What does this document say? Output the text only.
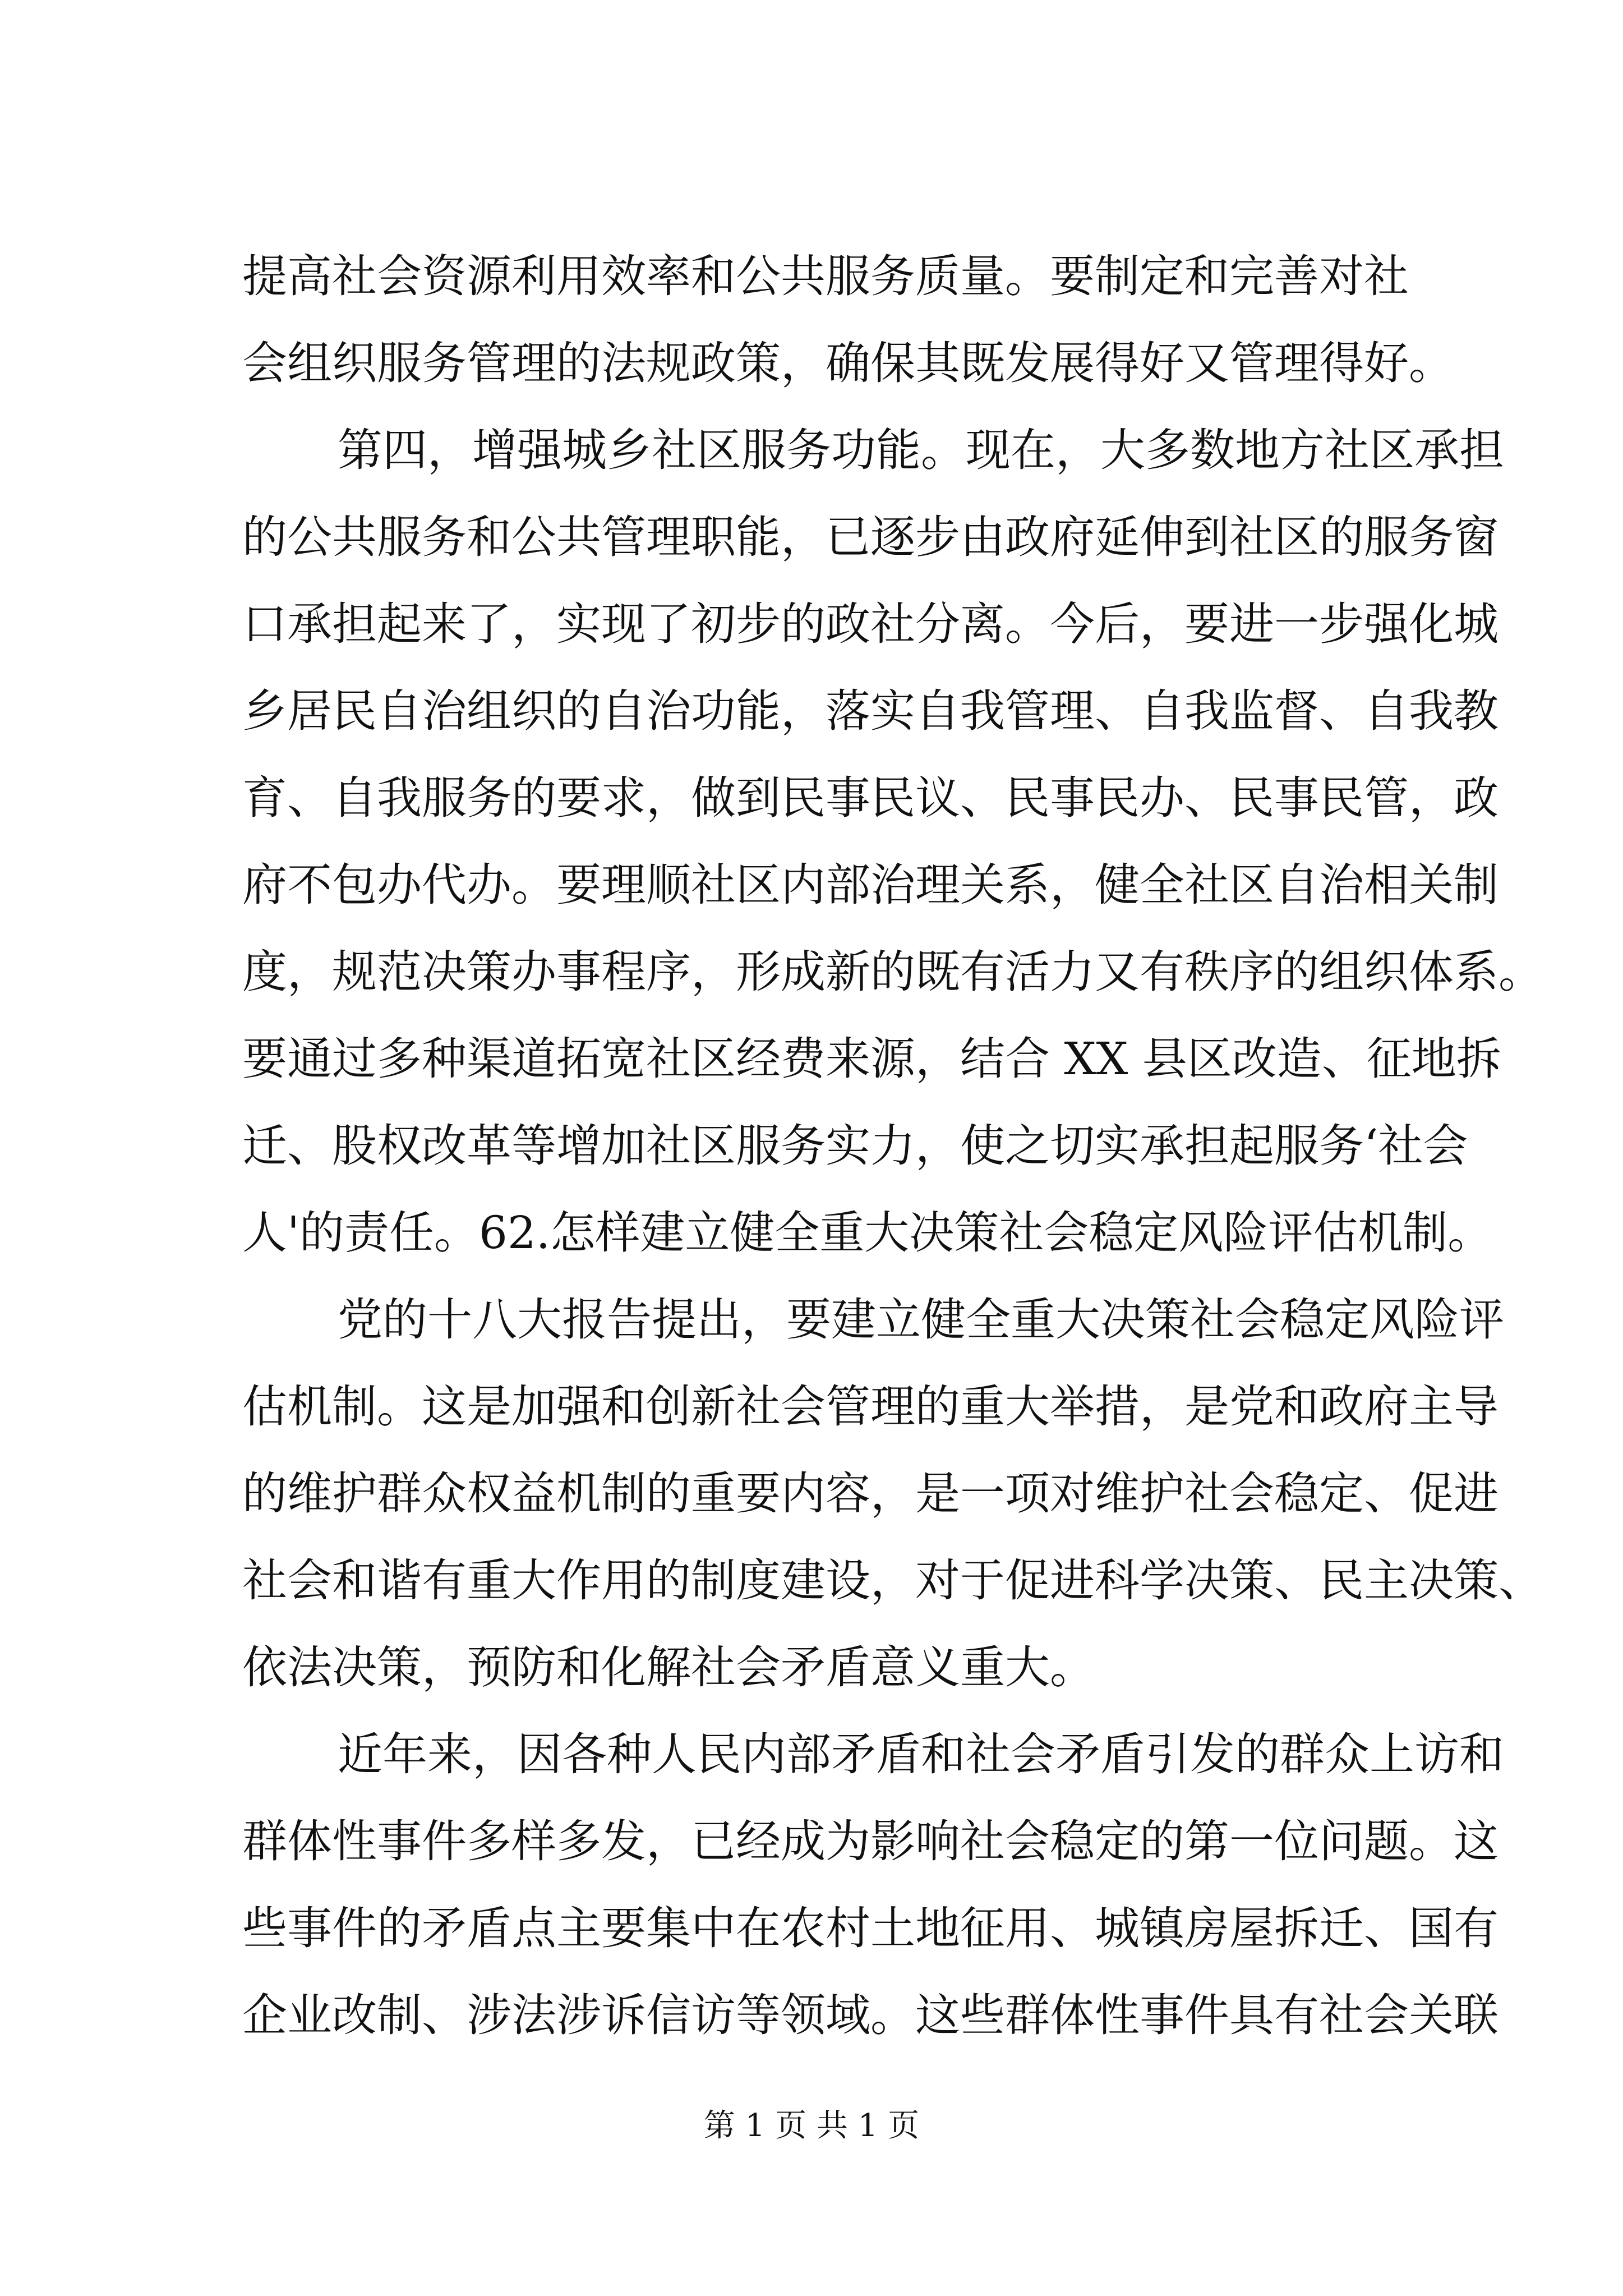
提高社会资源利用效率和公共服务质量。要制定和完善对社
会组织服务管理的法规政策，确保其既发展得好又管理得好。
第四，增强城乡社区服务功能。现在，大多数地方社区承担
的公共服务和公共管理职能，已逐步由政府延伸到社区的服务窗
口承担起来了，实现了初步的政社分离。今后，要进一步强化城
乡居民自治组织的自治功能，落实自我管理、自我监督、自我教
育、自我服务的要求，做到民事民议、民事民办、民事民管，政
府不包办代办。要理顺社区内部治理关系，健全社区自治相关制
度，规范决策办事程序，形成新的既有活力又有秩序的组织体系。
要通过多种渠道拓宽社区经费来源，结合 XX 县区改造、征地拆
迁、股权改革等增加社区服务实力，使之切实承担起服务‘社会
人'的责任。62.怎样建立健全重大决策社会稳定风险评估机制。
党的十八大报告提出，要建立健全重大决策社会稳定风险评
估机制。这是加强和创新社会管理的重大举措，是党和政府主导
的维护群众权益机制的重要内容，是一项对维护社会稳定、促进
社会和谐有重大作用的制度建设，对于促进科学决策、民主决策、
依法决策，预防和化解社会矛盾意义重大。
近年来，因各种人民内部矛盾和社会矛盾引发的群众上访和
群体性事件多样多发，已经成为影响社会稳定的第一位问题。这
些事件的矛盾点主要集中在农村土地征用、城镇房屋拆迁、国有
企业改制、涉法涉诉信访等领域。这些群体性事件具有社会关联
第 1 页 共 1 页
